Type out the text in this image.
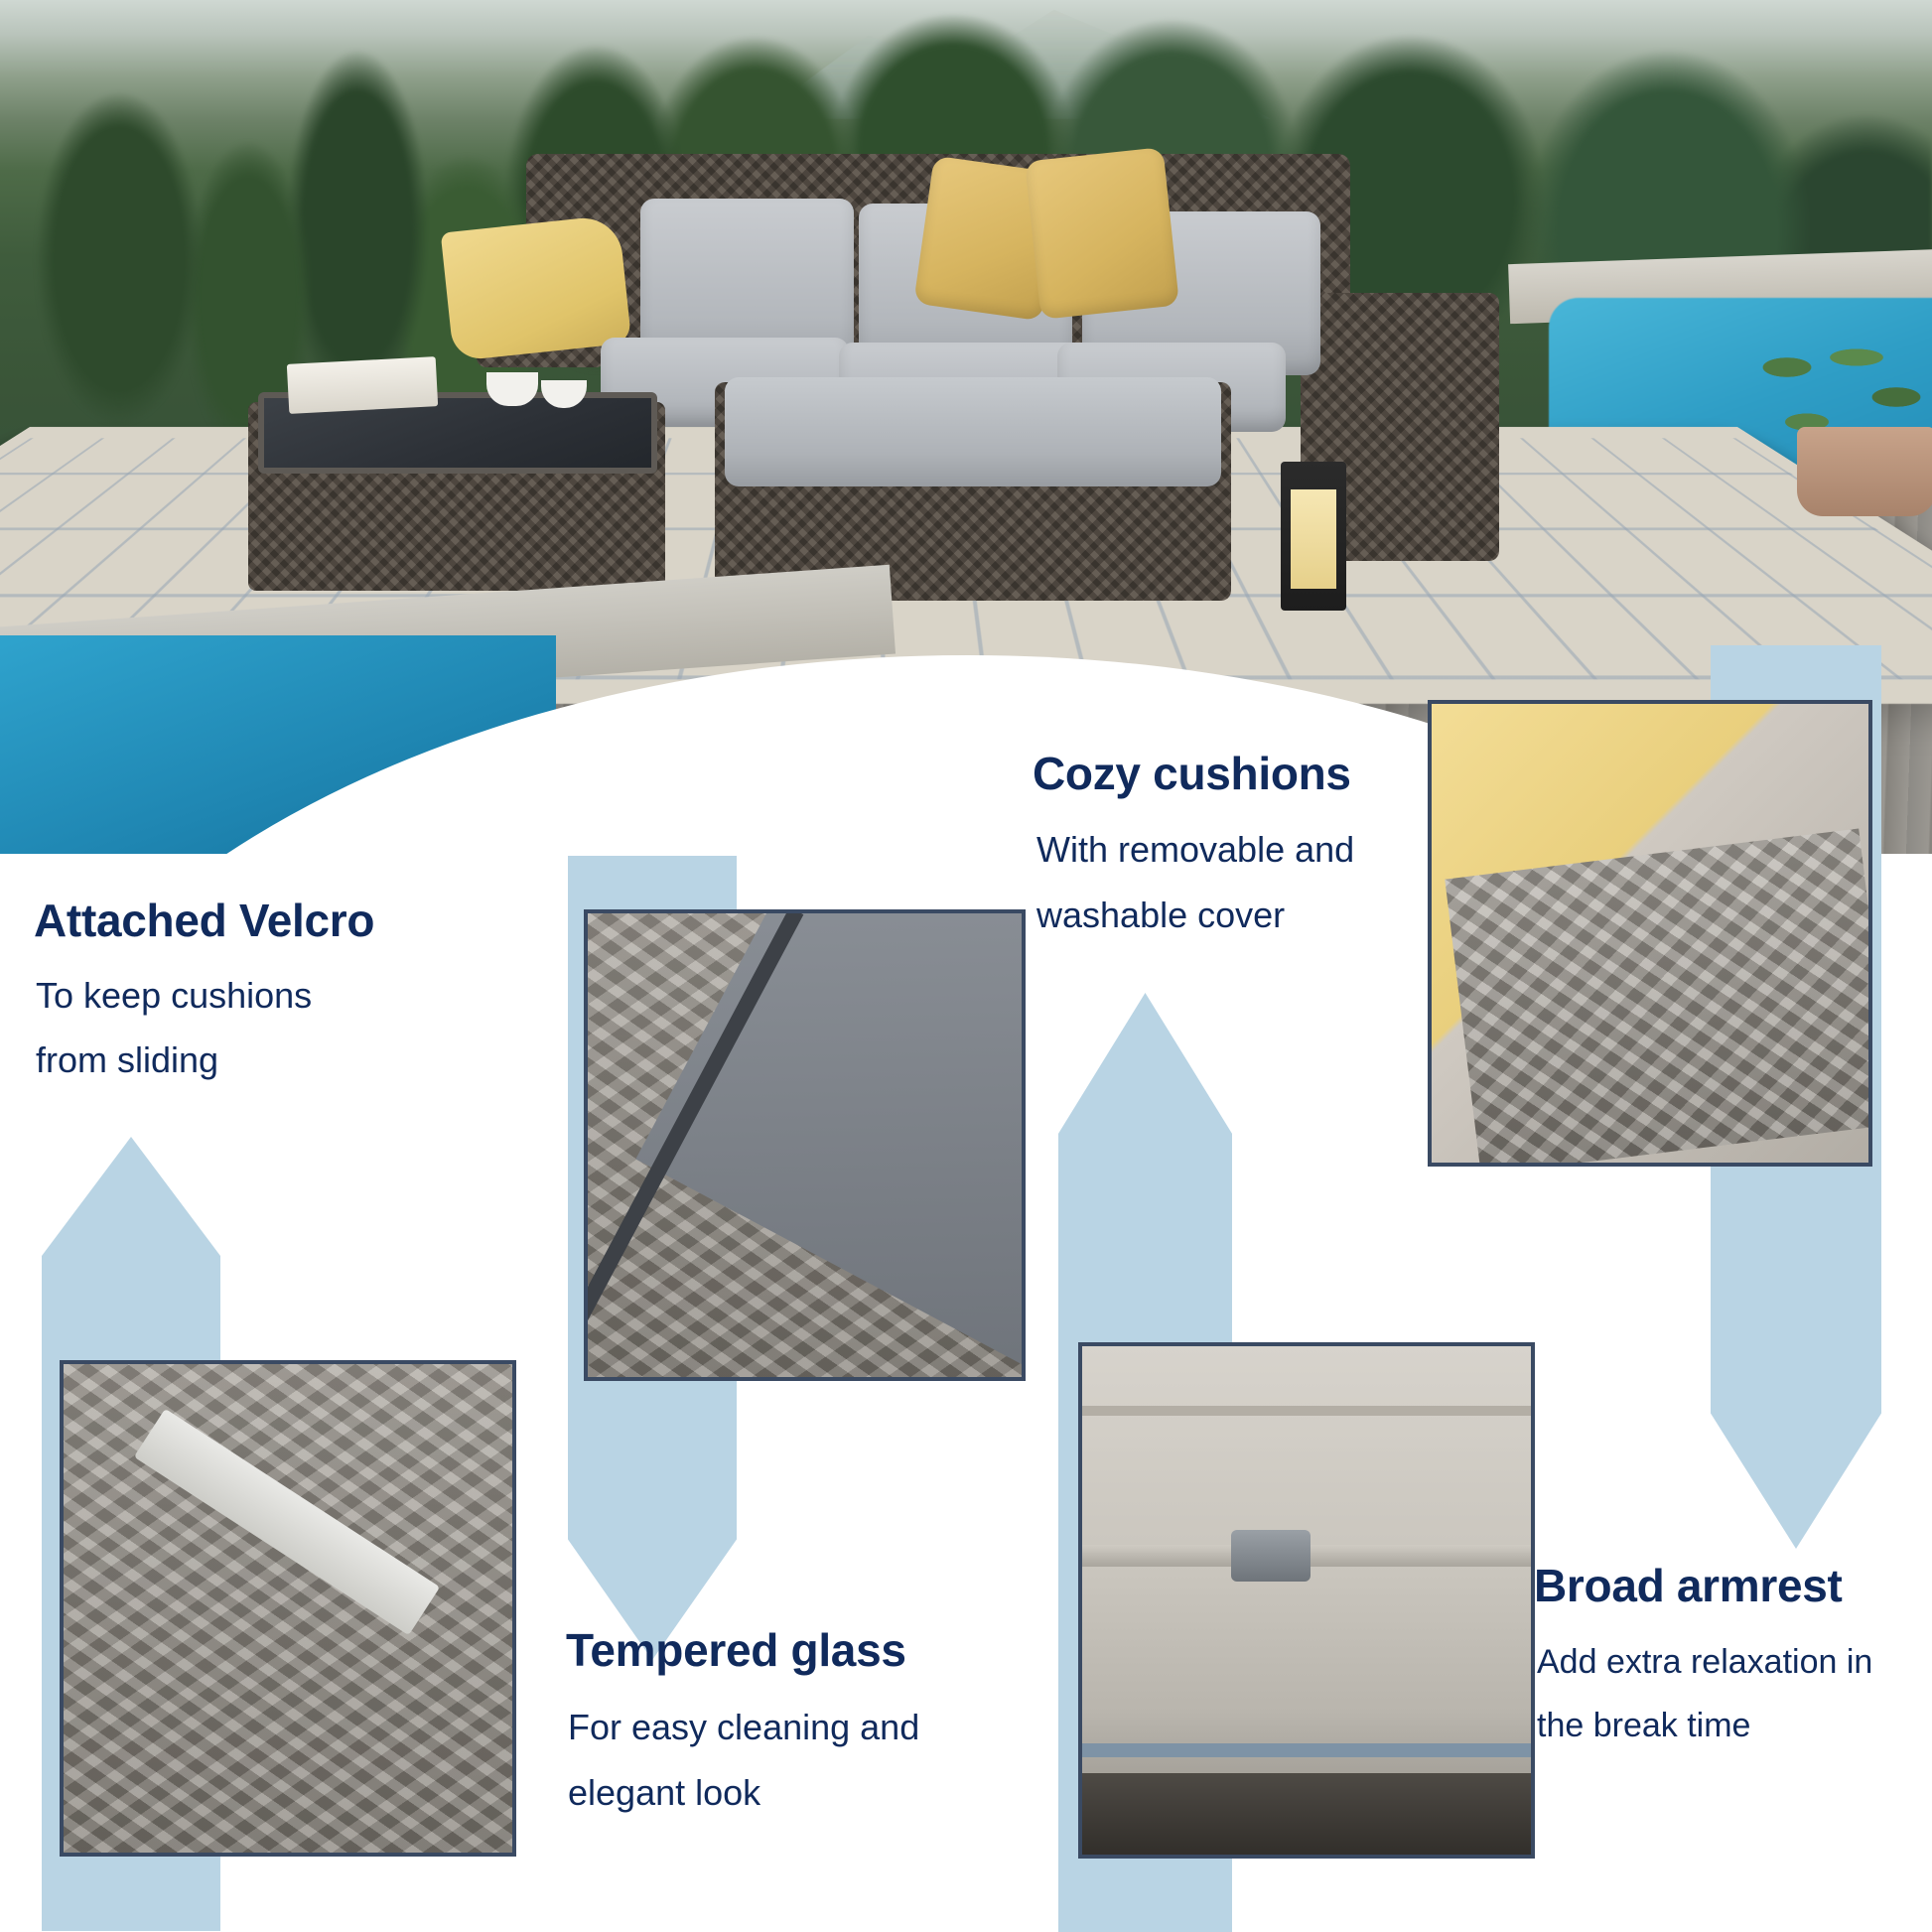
Attached Velcro
To keep cushions
from sliding
Tempered glass
For easy cleaning and
elegant look
Cozy cushions
With removable and
washable cover
Broad armrest
Add extra relaxation in
the break time
